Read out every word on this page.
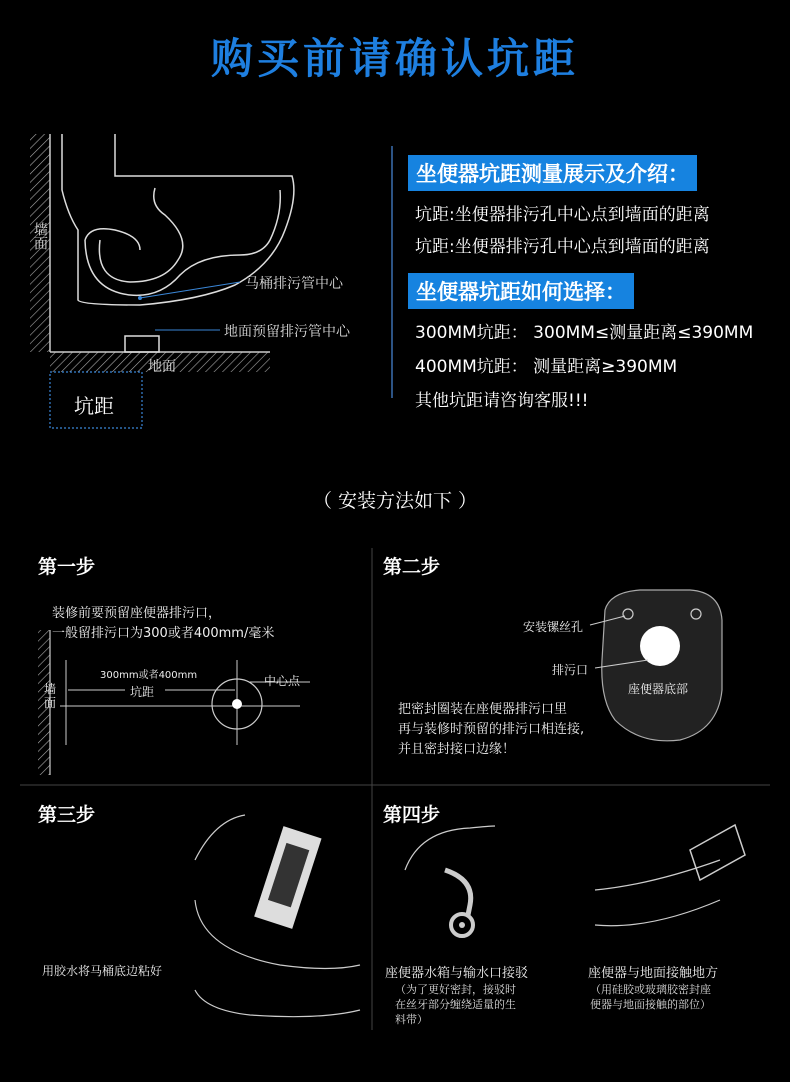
购买前请确认坑距
墙面
马桶排污管中心
地面预留排污管中心
地面
坑距
坐便器坑距测量展示及介绍：
坑距:坐便器排污孔中心点到墙面的距离
坑距:坐便器排污孔中心点到墙面的距离
坐便器坑距如何选择：
300MM坑距： 300MM≤测量距离≤390MM
400MM坑距： 测量距离≥390MM
其他坑距请咨询客服!!!
（ 安装方法如下 ）
第一步
装修前要预留座便器排污口，
一般留排污口为300或者400mm/毫米
300mm或者400mm
坑距
中心点
墙面
第二步
安装镙丝孔
排污口
座便器底部
把密封圈装在座便器排污口里
再与装修时预留的排污口相连接,
并且密封接口边缘！
第三步
用胶水将马桶底边粘好
第四步
座便器水箱与输水口接驳
（为了更好密封，接驳时
在丝牙部分缠绕适量的生
料带）
座便器与地面接触地方
（用硅胶或玻璃胶密封座
便器与地面接触的部位）
